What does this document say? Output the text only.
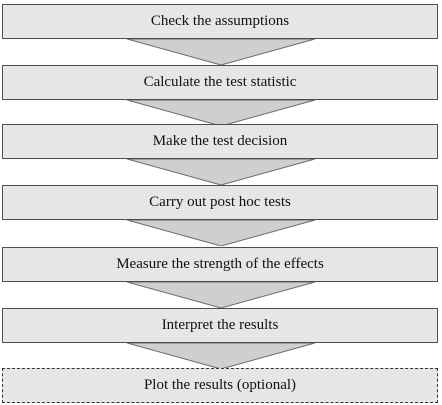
Check the assumptions
Calculate the test statistic
Make the test decision
Carry out post hoc tests
Measure the strength of the effects
Interpret the results
Plot the results (optional)
